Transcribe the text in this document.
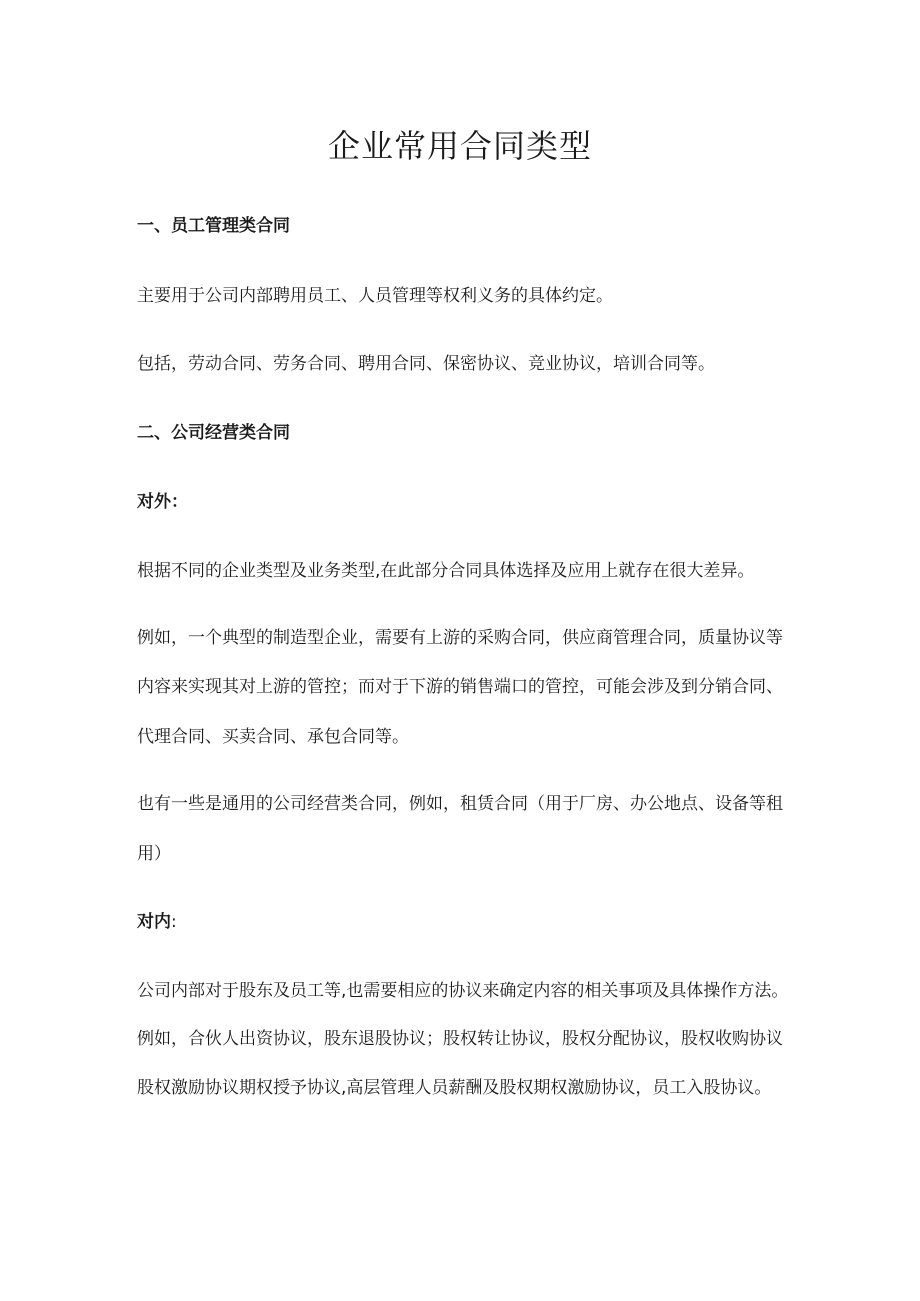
企业常用合同类型

一、员工管理类合同

主要用于公司内部聘用员工、人员管理等权利义务的具体约定。

包括，劳动合同、劳务合同、聘用合同、保密协议、竞业协议，培训合同等。

二、公司经营类合同

对外：

根据不同的企业类型及业务类型,在此部分合同具体选择及应用上就存在很大差异。

例如，一个典型的制造型企业，需要有上游的采购合同，供应商管理合同，质量协议等

内容来实现其对上游的管控；而对于下游的销售端口的管控，可能会涉及到分销合同、

代理合同、买卖合同、承包合同等。

也有一些是通用的公司经营类合同，例如，租赁合同（用于厂房、办公地点、设备等租

用）

对内:

公司内部对于股东及员工等,也需要相应的协议来确定内容的相关事项及具体操作方法。

例如，合伙人出资协议，股东退股协议；股权转让协议，股权分配协议，股权收购协议

股权激励协议期权授予协议,高层管理人员薪酬及股权期权激励协议，员工入股协议。
